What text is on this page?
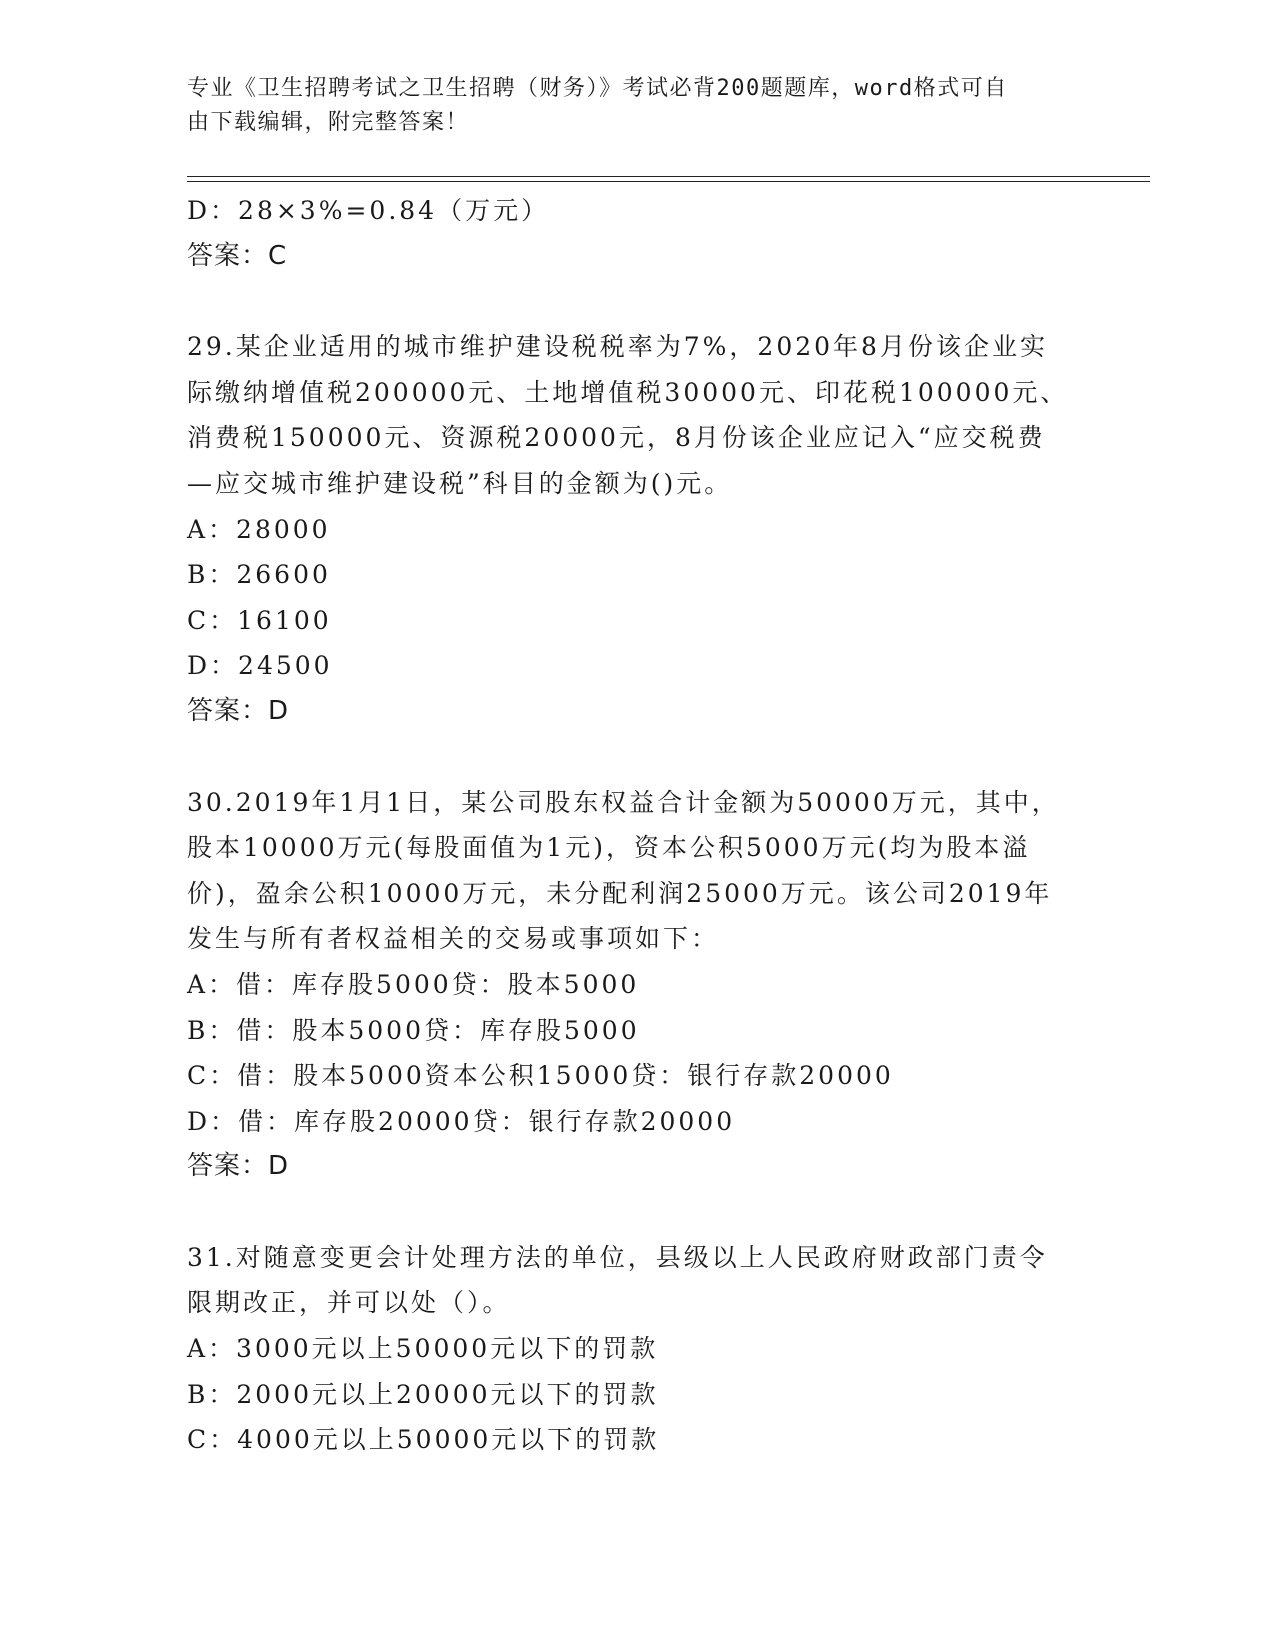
专业《卫生招聘考试之卫生招聘（财务）》考试必背200题题库，word格式可自
由下载编辑，附完整答案！

D：28×3%=0.84（万元）

答案：C

29.某企业适用的城市维护建设税税率为7%，2020年8月份该企业实

际缴纳增值税200000元、土地增值税30000元、印花税100000元、

消费税150000元、资源税20000元，8月份该企业应记入“应交税费

—应交城市维护建设税”科目的金额为()元。

A：28000

B：26600

C：16100

D：24500

答案：D

30.2019年1月1日，某公司股东权益合计金额为50000万元，其中，

股本10000万元(每股面值为1元)，资本公积5000万元(均为股本溢

价)，盈余公积10000万元，未分配利润25000万元。该公司2019年

发生与所有者权益相关的交易或事项如下：

A：借：库存股5000贷：股本5000

B：借：股本5000贷：库存股5000

C：借：股本5000资本公积15000贷：银行存款20000

D：借：库存股20000贷：银行存款20000

答案：D

31.对随意变更会计处理方法的单位，县级以上人民政府财政部门责令

限期改正，并可以处（）。

A：3000元以上50000元以下的罚款

B：2000元以上20000元以下的罚款

C：4000元以上50000元以下的罚款
